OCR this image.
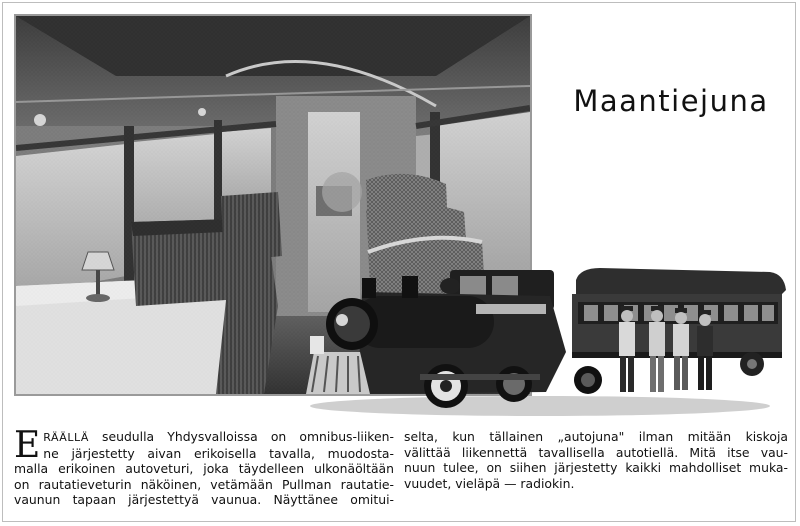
Maantiejuna
E RÄÄLLÄ seudulla Yhdysvalloissa on omnibus-liiken-
ne järjestetty aivan erikoisella tavalla, muodosta-
malla erikoinen autoveturi, joka täydelleen ulkonäöltään
on rautatieveturin näköinen, vetämään Pullman rautatie-
vaunun tapaan järjestettyä vaunua. Näyttänee omitui-
selta, kun tällainen „autojuna" ilman mitään kiskoja
välittää liikennettä tavallisella autotiellä. Mitä itse vau-
nuun tulee, on siihen järjestetty kaikki mahdolliset muka-
vuudet, vieläpä — radiokin.
